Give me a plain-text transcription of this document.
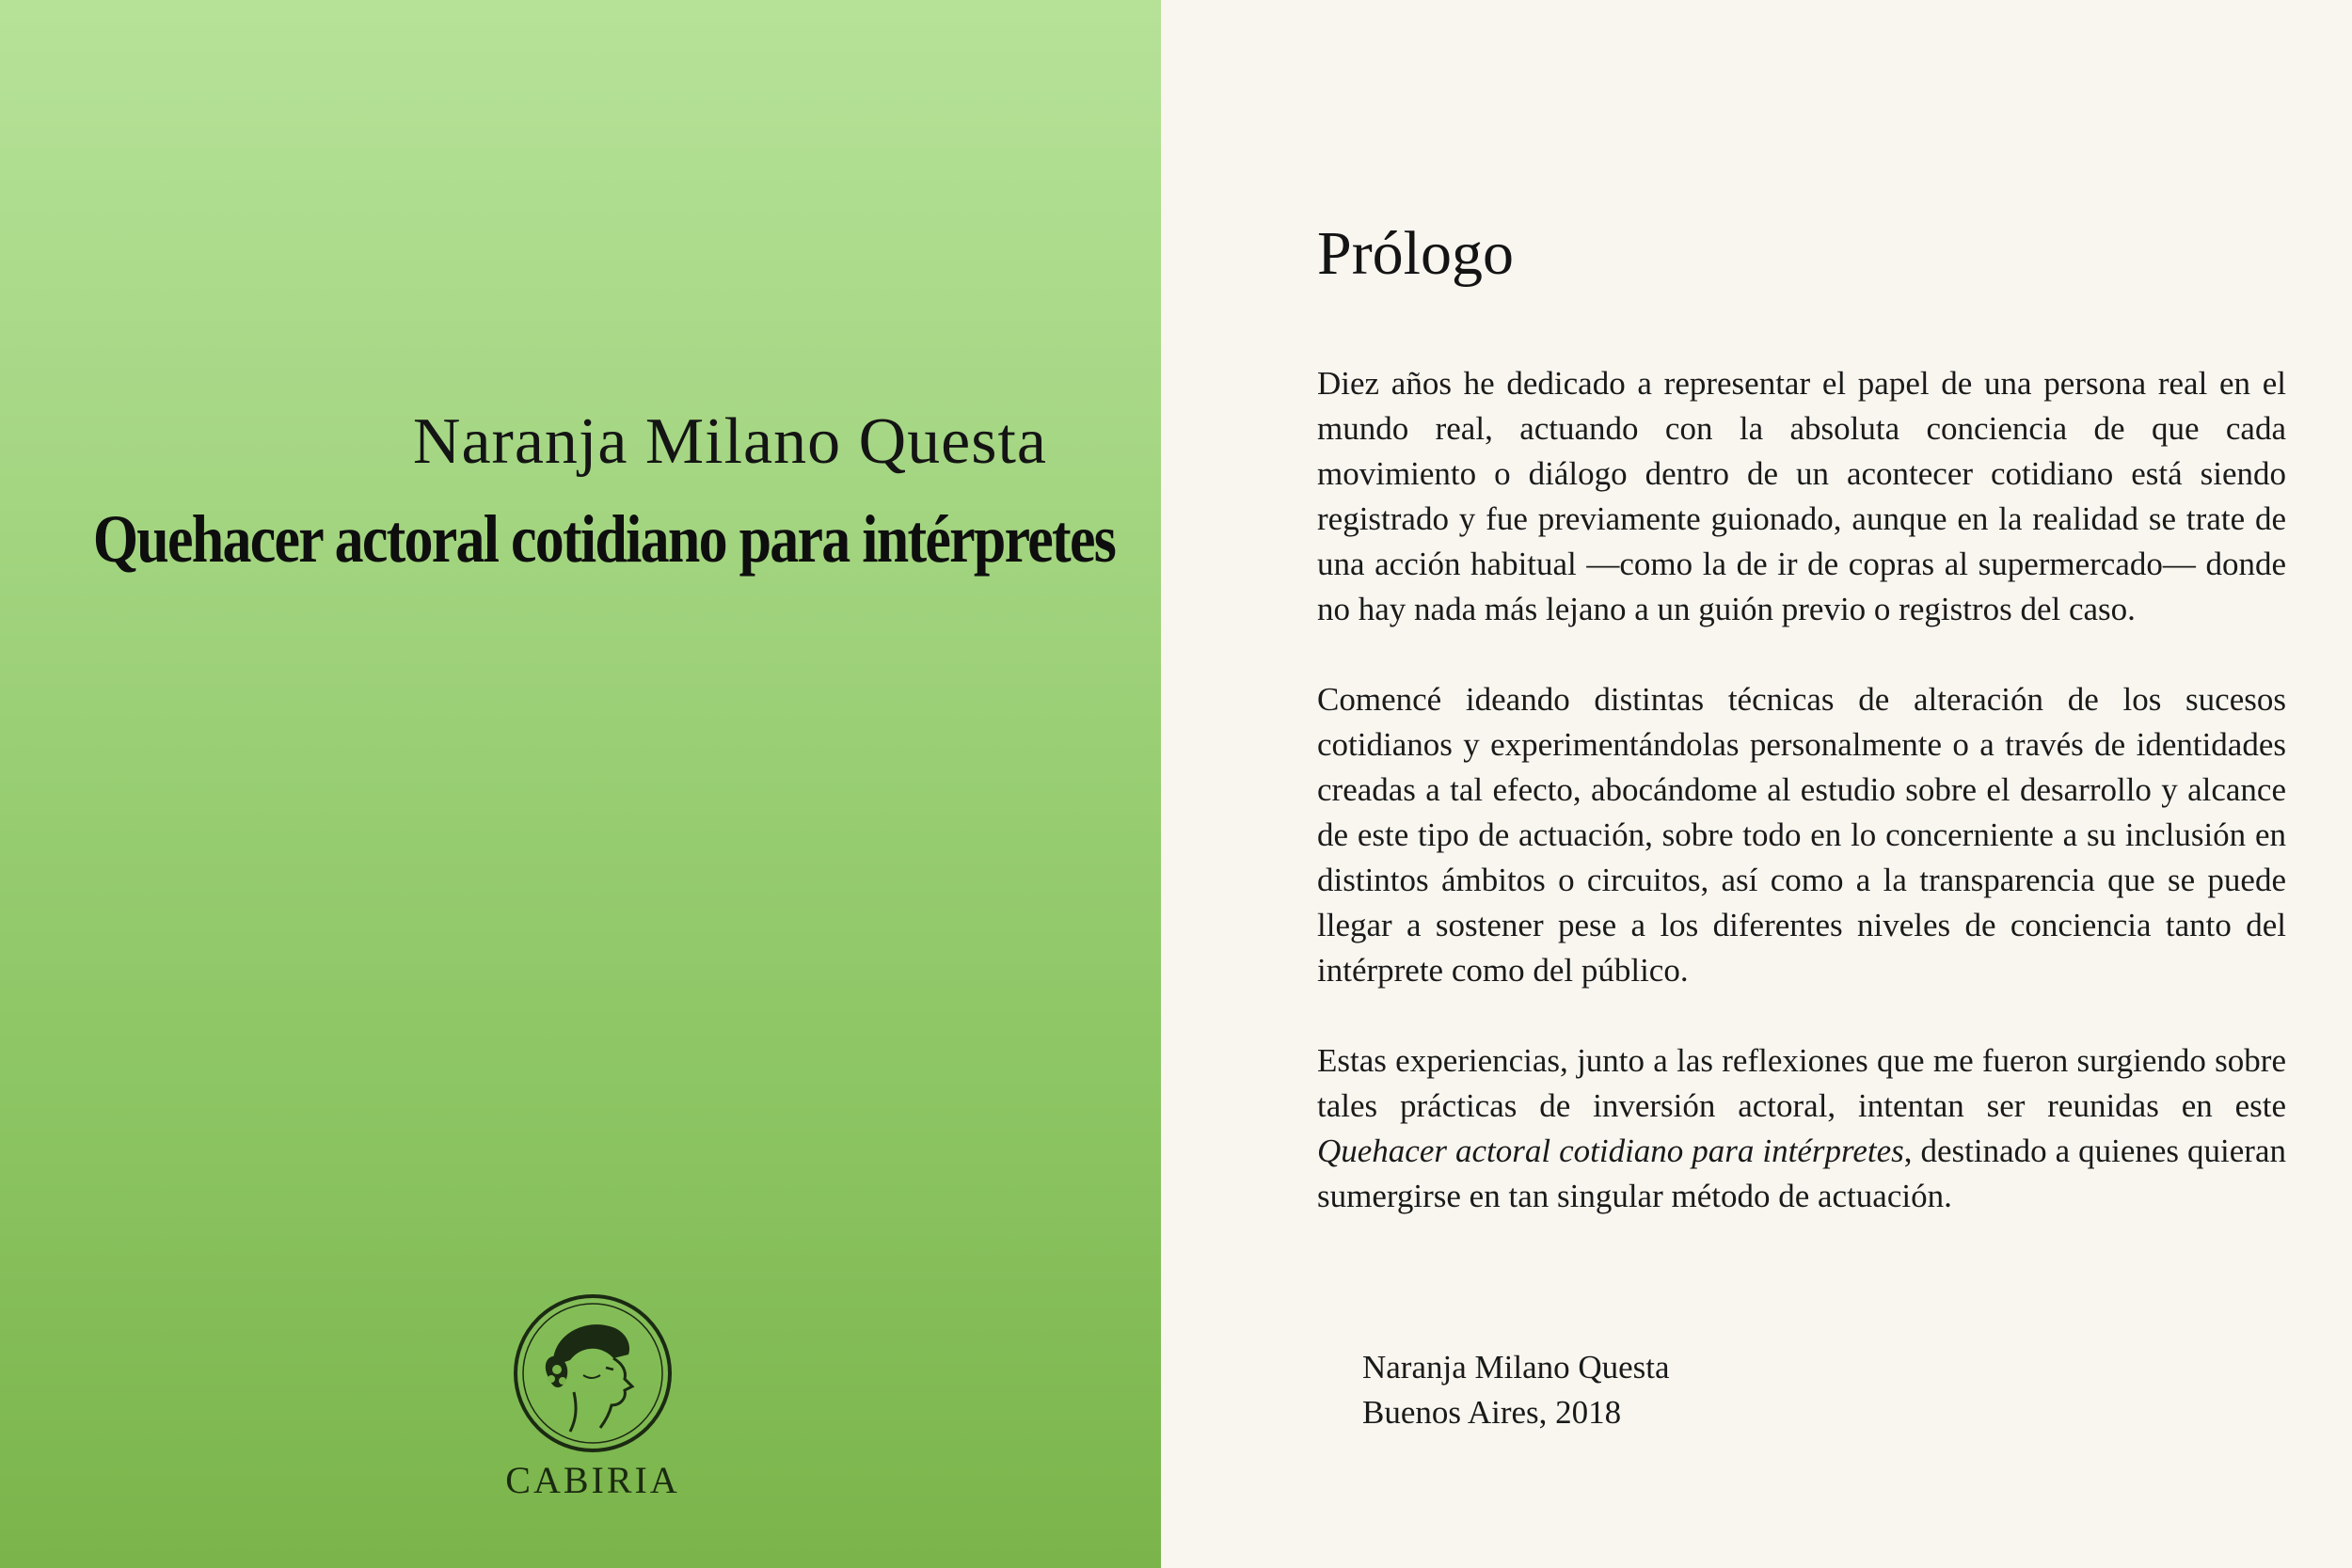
Naranja Milano Questa
Quehacer actoral cotidiano para intérpretes
CABIRIA
Prólogo

Diez años he dedicado a representar el papel de una persona real en el mundo real, actuando con la absoluta conciencia de que cada movimiento o diálogo dentro de un acontecer cotidiano está siendo registrado y fue previamente guionado, aunque en la realidad se trate de una acción habitual —como la de ir de copras al supermercado— donde no hay nada más lejano a un guión previo o registros del caso.

Comencé ideando distintas técnicas de alteración de los sucesos cotidianos y experimentándolas personalmente o a través de identidades creadas a tal efecto, abocándome al estudio sobre el desarrollo y alcance de este tipo de actuación, sobre todo en lo concerniente a su inclusión en distintos ámbitos o circuitos, así como a la transparencia que se puede llegar a sostener pese a los diferentes niveles de conciencia tanto del intérprete como del público.

Estas experiencias, junto a las reflexiones que me fueron surgiendo sobre tales prácticas de inversión actoral, intentan ser reunidas en este Quehacer actoral cotidiano para intérpretes, destinado a quienes quieran sumergirse en tan singular método de actuación.

Naranja Milano Questa
Buenos Aires, 2018
